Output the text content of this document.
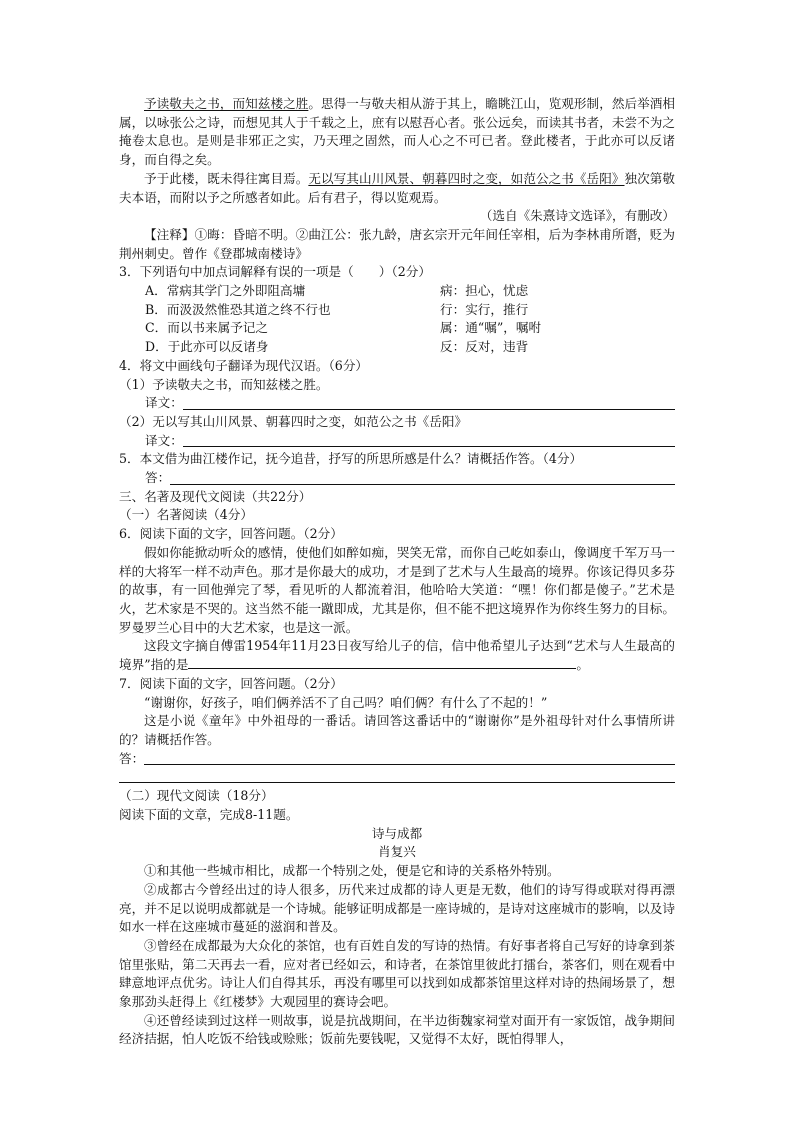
予读敬夫之书，而知兹楼之胜。思得一与敬夫相从游于其上，瞻眺江山，览观形制，然后举酒相属，以咏张公之诗，而想见其人于千载之上，庶有以慰吾心者。张公远矣，而读其书者，未尝不为之掩卷太息也。是则是非邪正之实，乃天理之固然，而人心之不可已者。登此楼者，于此亦可以反诸身，而自得之矣。

予于此楼，既未得往寓目焉。无以写其山川风景、朝暮四时之变，如范公之书《岳阳》独次第敬夫本语，而附以予之所感者如此。后有君子，得以览观焉。

（选自《朱熹诗文选译》，有删改）

【注释】①晦：昏暗不明。②曲江公：张九龄，唐玄宗开元年间任宰相，后为李林甫所谮，贬为荆州刺史。曾作《登郡城南楼诗》

3．下列语句中加点词解释有误的一项是（　　）（2分）

A．常病其学门之外即阻高墉	病：担心，忧虑
B．而汲汲然惟恐其道之终不行也	行：实行，推行
C．而以书来属予记之	属：通“嘱”，嘱咐
D．于此亦可以反诸身	反：反对，违背

4．将文中画线句子翻译为现代汉语。（6分）

（1）予读敬夫之书，而知兹楼之胜。

译文：

（2）无以写其山川风景、朝暮四时之变，如范公之书《岳阳》

译文：

5．本文借为曲江楼作记，抚今追昔，抒写的所思所感是什么？请概括作答。（4分）

答：

三、名著及现代文阅读（共22分）

（一）名著阅读（4分）

6．阅读下面的文字，回答问题。（2分）

假如你能掀动听众的感情，使他们如醉如痴，哭笑无常，而你自己屹如泰山，像调度千军万马一样的大将军一样不动声色。那才是你最大的成功，才是到了艺术与人生最高的境界。你该记得贝多芬的故事，有一回他弹完了琴，看见听的人都流着泪，他哈哈大笑道：“嘿！你们都是傻子。”艺术是火，艺术家是不哭的。这当然不能一蹴即成，尤其是你，但不能不把这境界作为你终生努力的目标。罗曼罗兰心目中的大艺术家，也是这一派。

这段文字摘自傅雷1954年11月23日夜写给儿子的信，信中他希望儿子达到“艺术与人生最高的境界”指的是	。

7．阅读下面的文字，回答问题。（2分）

“谢谢你，好孩子，咱们俩养活不了自己吗？咱们俩？有什么了不起的！”

这是小说《童年》中外祖母的一番话。请回答这番话中的“谢谢你”是外祖母针对什么事情所讲的？请概括作答。

答：

（二）现代文阅读（18分）

阅读下面的文章，完成8-11题。

诗与成都

肖复兴

①和其他一些城市相比，成都一个特别之处，便是它和诗的关系格外特别。

②成都古今曾经出过的诗人很多，历代来过成都的诗人更是无数，他们的诗写得或联对得再漂亮，并不足以说明成都就是一个诗城。能够证明成都是一座诗城的，是诗对这座城市的影响，以及诗如水一样在这座城市蔓延的滋润和普及。

③曾经在成都最为大众化的茶馆，也有百姓自发的写诗的热情。有好事者将自己写好的诗拿到茶馆里张贴，第二天再去一看，应对者已经如云，和诗者，在茶馆里彼此打擂台，茶客们，则在观看中肆意地评点优劣。诗让人们自得其乐，再没有哪里可以找到如成都茶馆里这样对诗的热闹场景了，想象那劲头赶得上《红楼梦》大观园里的赛诗会吧。

④还曾经读到过这样一则故事，说是抗战期间，在半边街魏家祠堂对面开有一家饭馆，战争期间经济拮据，怕人吃饭不给钱或赊账；饭前先要钱呢，又觉得不太好，既怕得罪人，
